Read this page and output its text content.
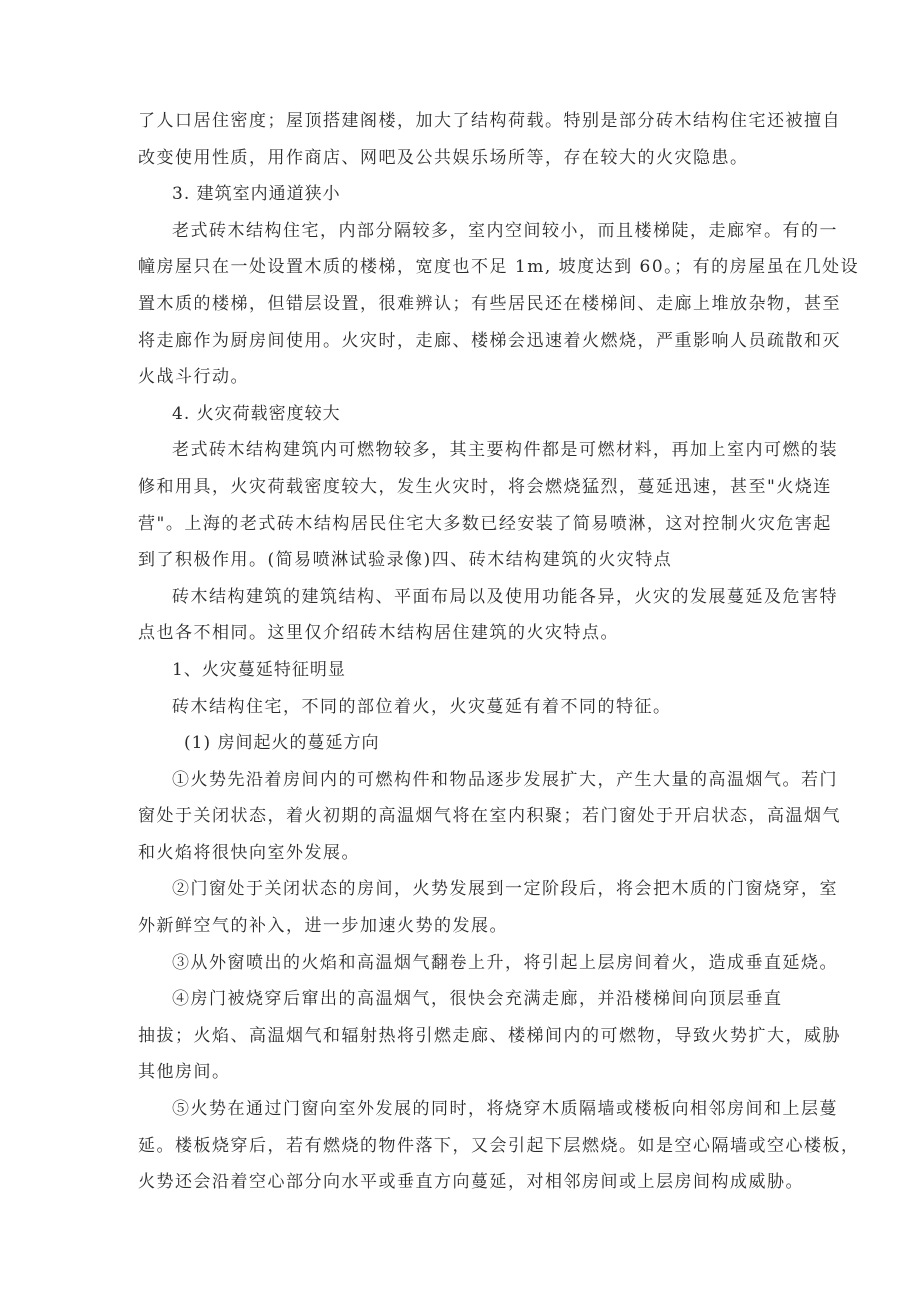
了人口居住密度；屋顶搭建阁楼，加大了结构荷载。特别是部分砖木结构住宅还被擅自
改变使用性质，用作商店、网吧及公共娱乐场所等，存在较大的火灾隐患。
3. 建筑室内通道狭小
老式砖木结构住宅，内部分隔较多，室内空间较小，而且楼梯陡，走廊窄。有的一
幢房屋只在一处设置木质的楼梯，宽度也不足 1m, 坡度达到 60。；有的房屋虽在几处设
置木质的楼梯，但错层设置，很难辨认；有些居民还在楼梯间、走廊上堆放杂物，甚至
将走廊作为厨房间使用。火灾时，走廊、楼梯会迅速着火燃烧，严重影响人员疏散和灭
火战斗行动。
4. 火灾荷载密度较大
老式砖木结构建筑内可燃物较多，其主要构件都是可燃材料，再加上室内可燃的装
修和用具，火灾荷载密度较大，发生火灾时，将会燃烧猛烈，蔓延迅速，甚至"火烧连
营"。上海的老式砖木结构居民住宅大多数已经安装了简易喷淋，这对控制火灾危害起
到了积极作用。(简易喷淋试验录像)四、砖木结构建筑的火灾特点
砖木结构建筑的建筑结构、平面布局以及使用功能各异，火灾的发展蔓延及危害特
点也各不相同。这里仅介绍砖木结构居住建筑的火灾特点。
1、火灾蔓延特征明显
砖木结构住宅，不同的部位着火，火灾蔓延有着不同的特征。
(1) 房间起火的蔓延方向
①火势先沿着房间内的可燃构件和物品逐步发展扩大，产生大量的高温烟气。若门
窗处于关闭状态，着火初期的高温烟气将在室内积聚；若门窗处于开启状态，高温烟气
和火焰将很快向室外发展。
②门窗处于关闭状态的房间，火势发展到一定阶段后，将会把木质的门窗烧穿，室
外新鲜空气的补入，进一步加速火势的发展。
③从外窗喷出的火焰和高温烟气翻卷上升，将引起上层房间着火，造成垂直延烧。
④房门被烧穿后窜出的高温烟气，很快会充满走廊，并沿楼梯间向顶层垂直
抽拔；火焰、高温烟气和辐射热将引燃走廊、楼梯间内的可燃物，导致火势扩大，威胁
其他房间。
⑤火势在通过门窗向室外发展的同时，将烧穿木质隔墙或楼板向相邻房间和上层蔓
延。楼板烧穿后，若有燃烧的物件落下，又会引起下层燃烧。如是空心隔墙或空心楼板，
火势还会沿着空心部分向水平或垂直方向蔓延，对相邻房间或上层房间构成威胁。
